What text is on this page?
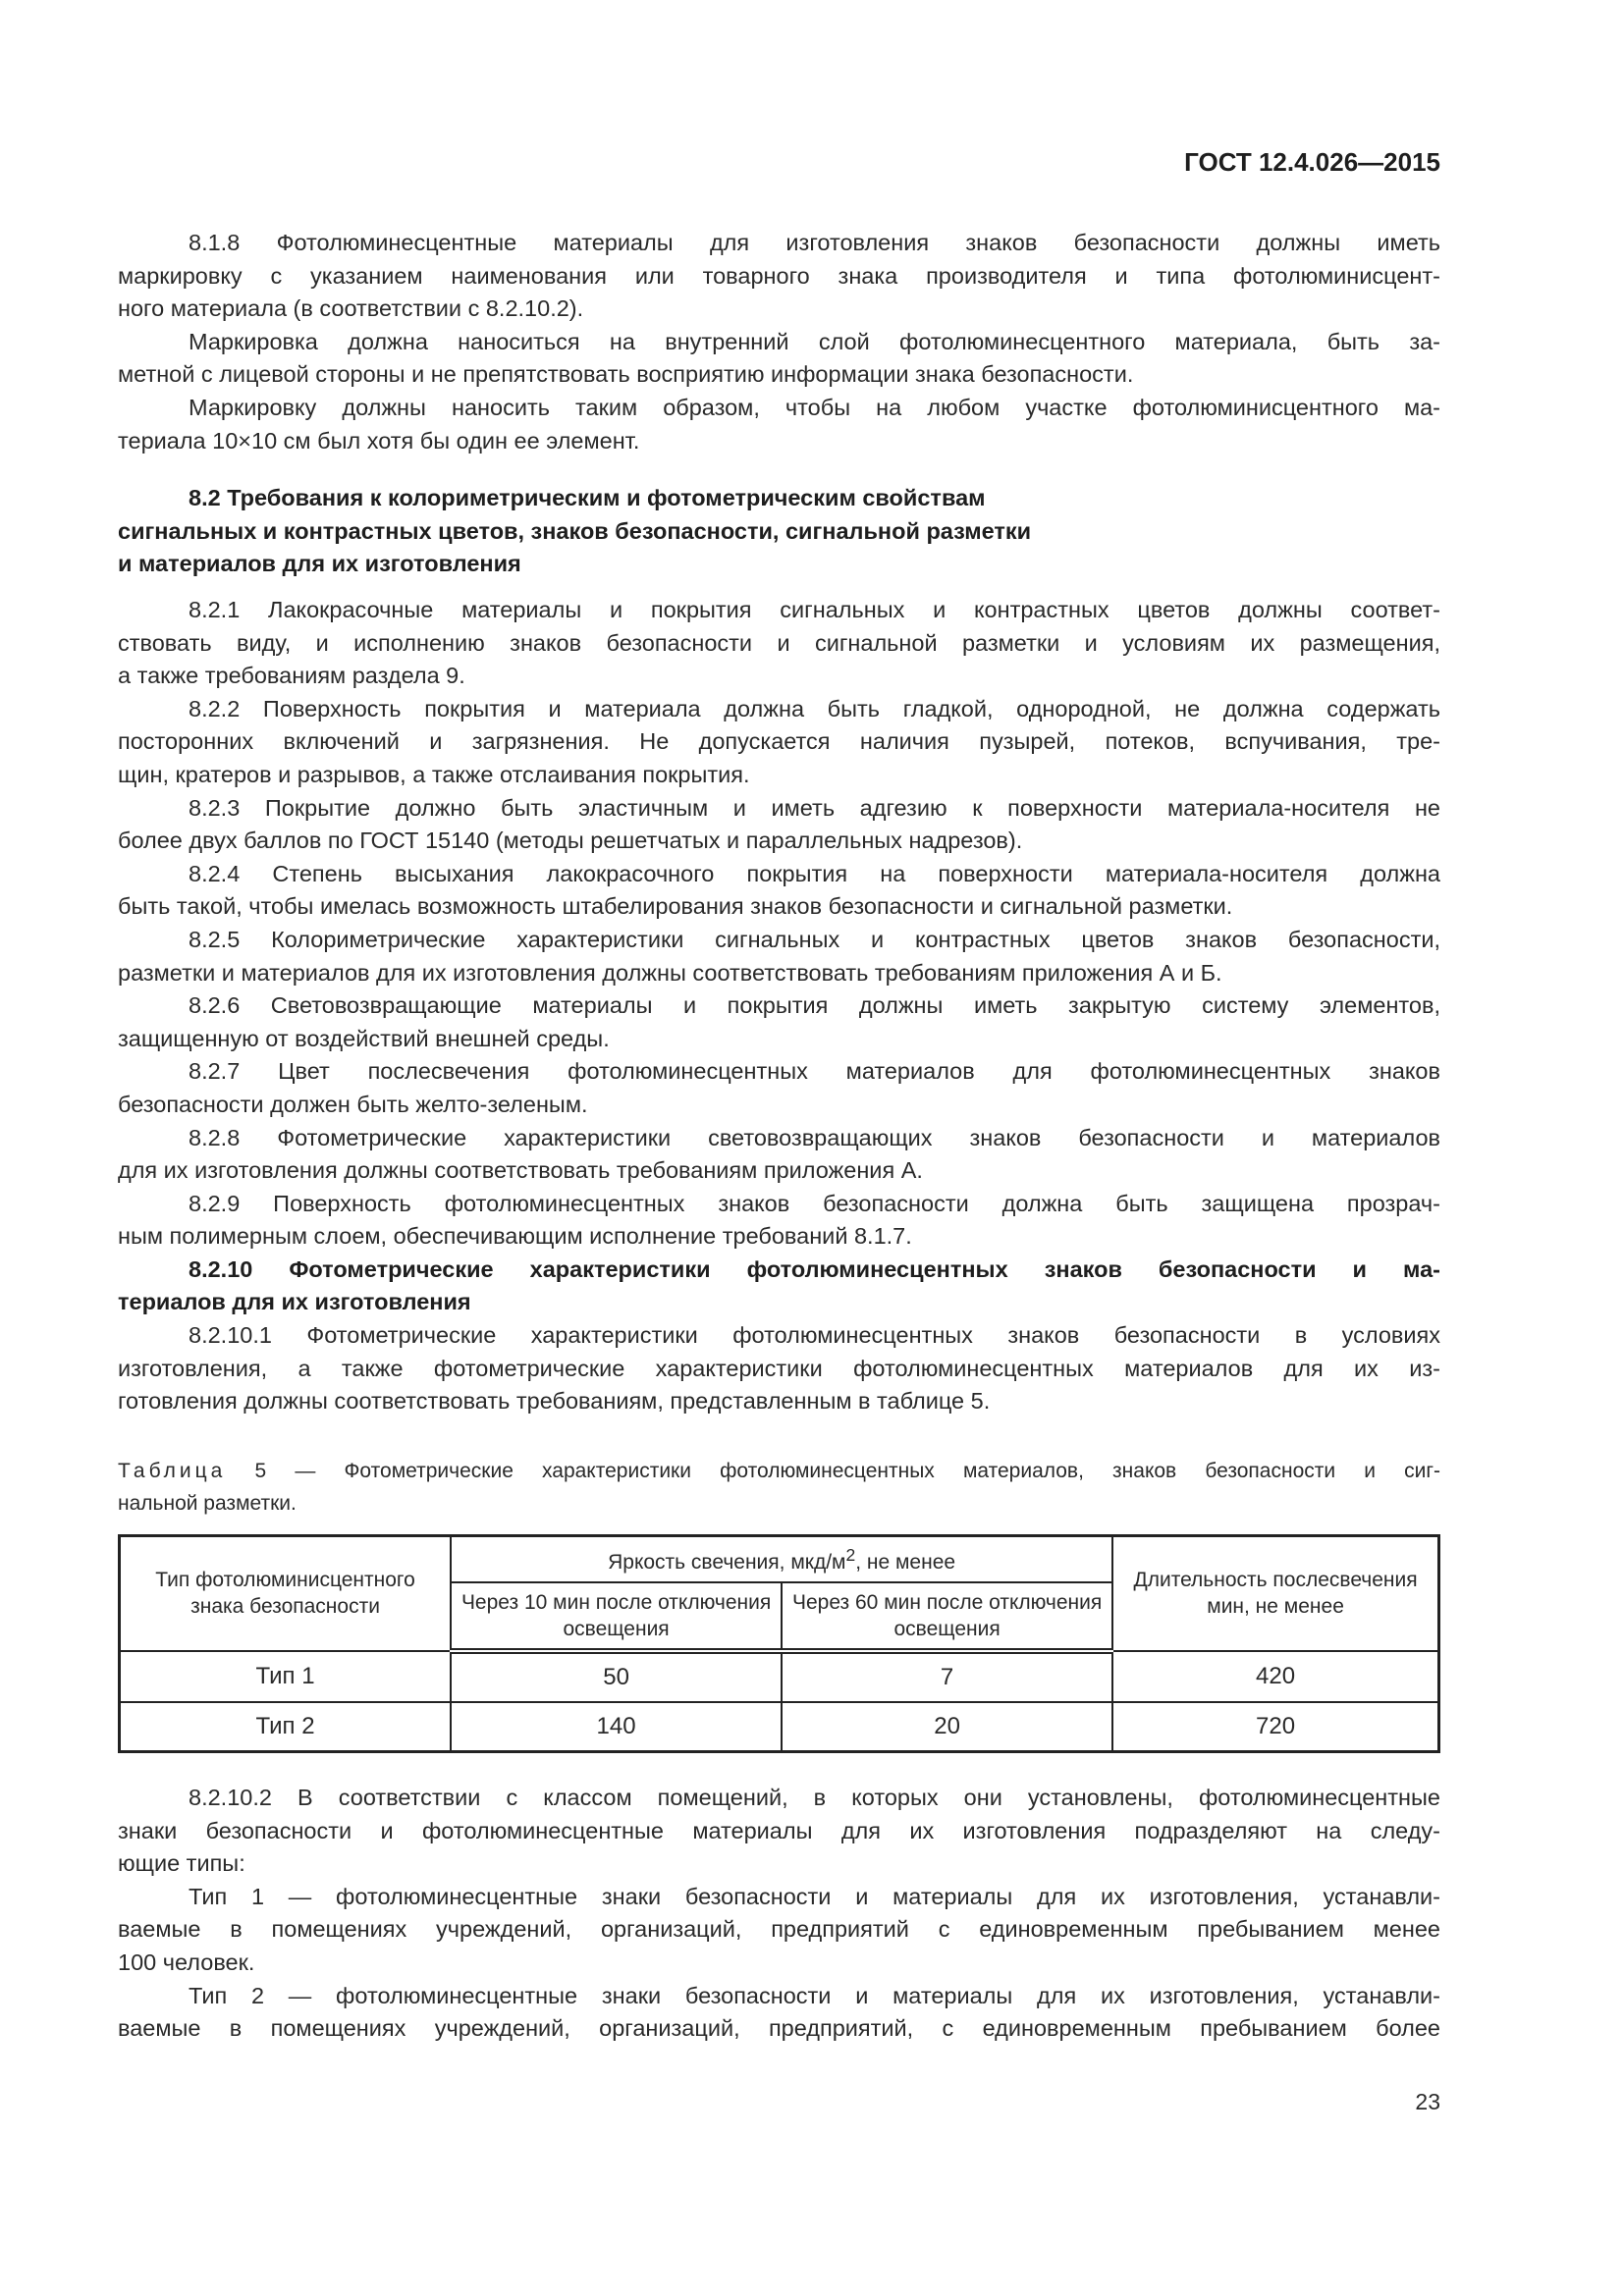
ГОСТ 12.4.026—2015
8.1.8 Фотолюминесцентные материалы для изготовления знаков безопасности должны иметь
маркировку с указанием наименования или товарного знака производителя и типа фотолюминисцент-
ного материала (в соответствии с 8.2.10.2).
Маркировка должна наноситься на внутренний слой фотолюминесцентного материала, быть за-
метной с лицевой стороны и не препятствовать восприятию информации знака безопасности.
Маркировку должны наносить таким образом, чтобы на любом участке фотолюминисцентного ма-
териала 10×10 см был хотя бы один ее элемент.
8.2 Требования к колориметрическим и фотометрическим свойствам
сигнальных и контрастных цветов, знаков безопасности, сигнальной разметки
и материалов для их изготовления
8.2.1 Лакокрасочные материалы и покрытия сигнальных и контрастных цветов должны соответ-
ствовать виду, и исполнению знаков безопасности и сигнальной разметки и условиям их размещения,
а также требованиям раздела 9.
8.2.2 Поверхность покрытия и материала должна быть гладкой, однородной, не должна содержать
посторонних включений и загрязнения. Не допускается наличия пузырей, потеков, вспучивания, тре-
щин, кратеров и разрывов, а также отслаивания покрытия.
8.2.3 Покрытие должно быть эластичным и иметь адгезию к поверхности материала-носителя не
более двух баллов по ГОСТ 15140 (методы решетчатых и параллельных надрезов).
8.2.4 Степень высыхания лакокрасочного покрытия на поверхности материала-носителя должна
быть такой, чтобы имелась возможность штабелирования знаков безопасности и сигнальной разметки.
8.2.5 Колориметрические характеристики сигнальных и контрастных цветов знаков безопасности,
разметки и материалов для их изготовления должны соответствовать требованиям приложения А и Б.
8.2.6 Световозвращающие материалы и покрытия должны иметь закрытую систему элементов,
защищенную от воздействий внешней среды.
8.2.7 Цвет послесвечения фотолюминесцентных материалов для фотолюминесцентных знаков
безопасности должен быть желто-зеленым.
8.2.8 Фотометрические характеристики световозвращающих знаков безопасности и материалов
для их изготовления должны соответствовать требованиям приложения А.
8.2.9 Поверхность фотолюминесцентных знаков безопасности должна быть защищена прозрач-
ным полимерным слоем, обеспечивающим исполнение требований 8.1.7.
8.2.10 Фотометрические характеристики фотолюминесцентных знаков безопасности и ма-
териалов для их изготовления
8.2.10.1 Фотометрические характеристики фотолюминесцентных знаков безопасности в условиях
изготовления, а также фотометрические характеристики фотолюминесцентных материалов для их из-
готовления должны соответствовать требованиям, представленным в таблице 5.
8.2.10.2 В соответствии с классом помещений, в которых они установлены, фотолюминесцентные
знаки безопасности и фотолюминесцентные материалы для их изготовления подразделяют на следу-
ющие типы:
Тип 1 — фотолюминесцентные знаки безопасности и материалы для их изготовления, устанавли-
ваемые в помещениях учреждений, организаций, предприятий с единовременным пребыванием менее
100 человек.
Тип 2 — фотолюминесцентные знаки безопасности и материалы для их изготовления, устанавли-
ваемые в помещениях учреждений, организаций, предприятий, с единовременным пребыванием более
Таблица 5 — Фотометрические характеристики фотолюминесцентных материалов, знаков безопасности и сиг-
нальной разметки.
Тип фотолюминисцентного знака безопасности	Яркость свечения, мкд/$м^2$, не менее		Длительность послесвечения мин, не менее
	Через 10 мин после отключения освещения	Через 60 мин после отключения освещения	
Тип 1	50	7	420
Тип 2	140	20	720
23
